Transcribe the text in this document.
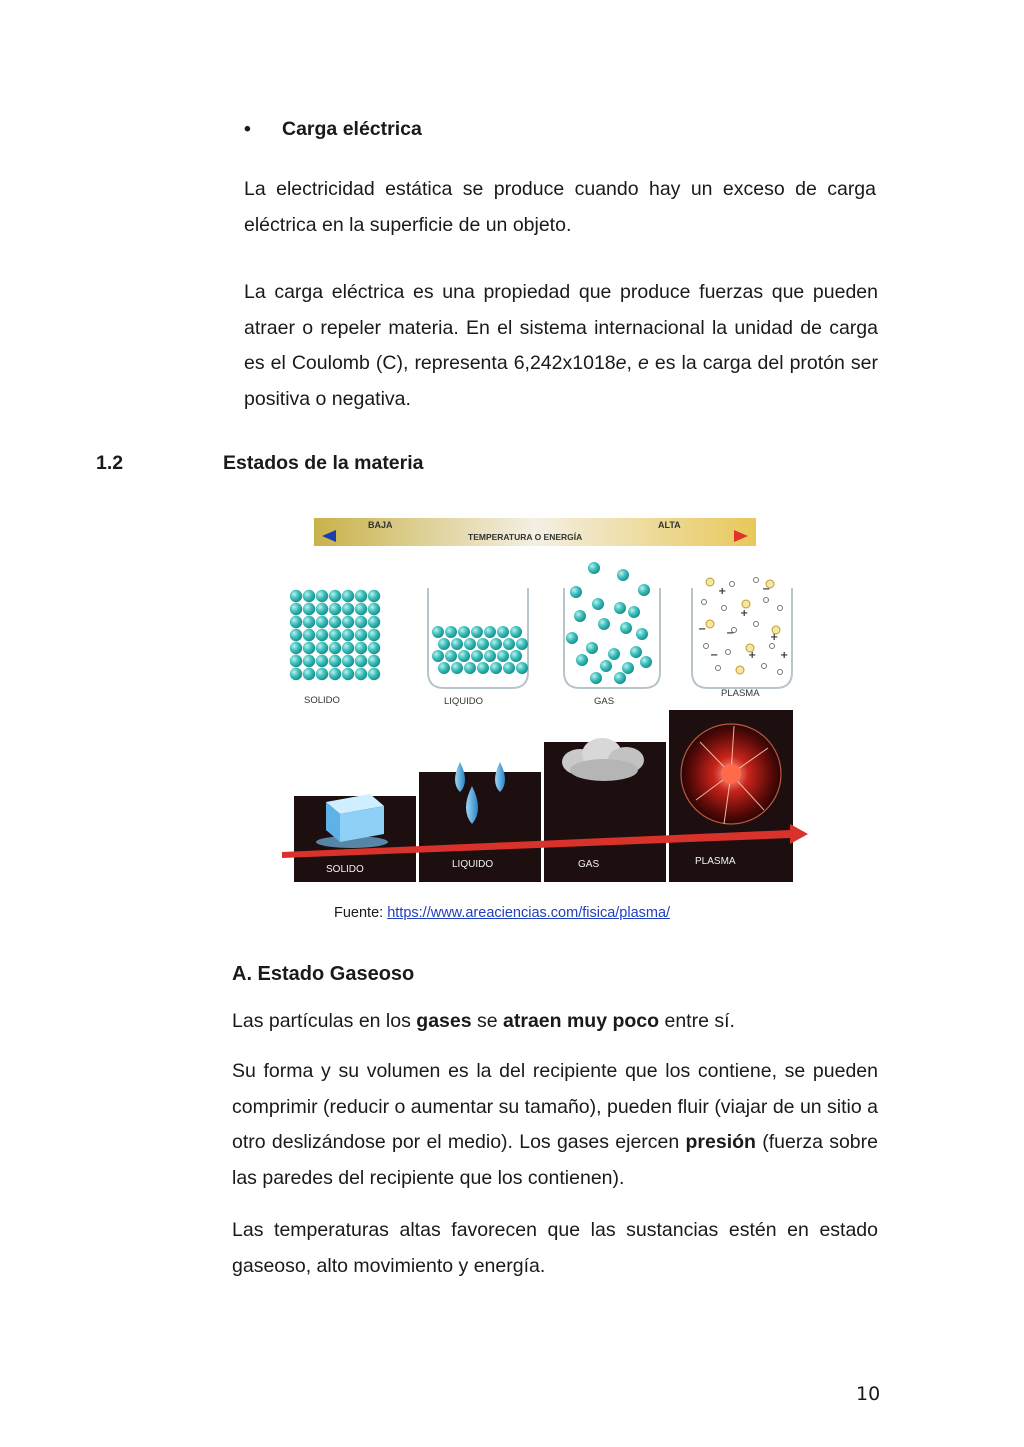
• Carga eléctrica
La electricidad estática se produce cuando hay un exceso de carga eléctrica en la superficie de un objeto.
La carga eléctrica es una propiedad que produce fuerzas que pueden atraer o repeler materia. En el sistema internacional la unidad de carga es el Coulomb (C), representa 6,242x1018e, e es la carga del protón ser positiva o negativa.
1.2	Estados de la materia
BAJA
TEMPERATURA O ENERGÍA
ALTA
+	−
+
−
+
−
+
−	+
SOLIDO	LIQUIDO	GAS
PLASMA
SOLIDO	LIQUIDO	GAS	PLASMA
Fuente: https://www.areaciencias.com/fisica/plasma/
A. Estado Gaseoso
Las partículas en los gases se atraen muy poco entre sí.
Su forma y su volumen es la del recipiente que los contiene, se pueden comprimir (reducir o aumentar su tamaño), pueden fluir (viajar de un sitio a otro deslizándose por el medio). Los gases ejercen presión (fuerza sobre las paredes del recipiente que los contienen).
Las temperaturas altas favorecen que las sustancias estén en estado gaseoso, alto movimiento y energía.
10
